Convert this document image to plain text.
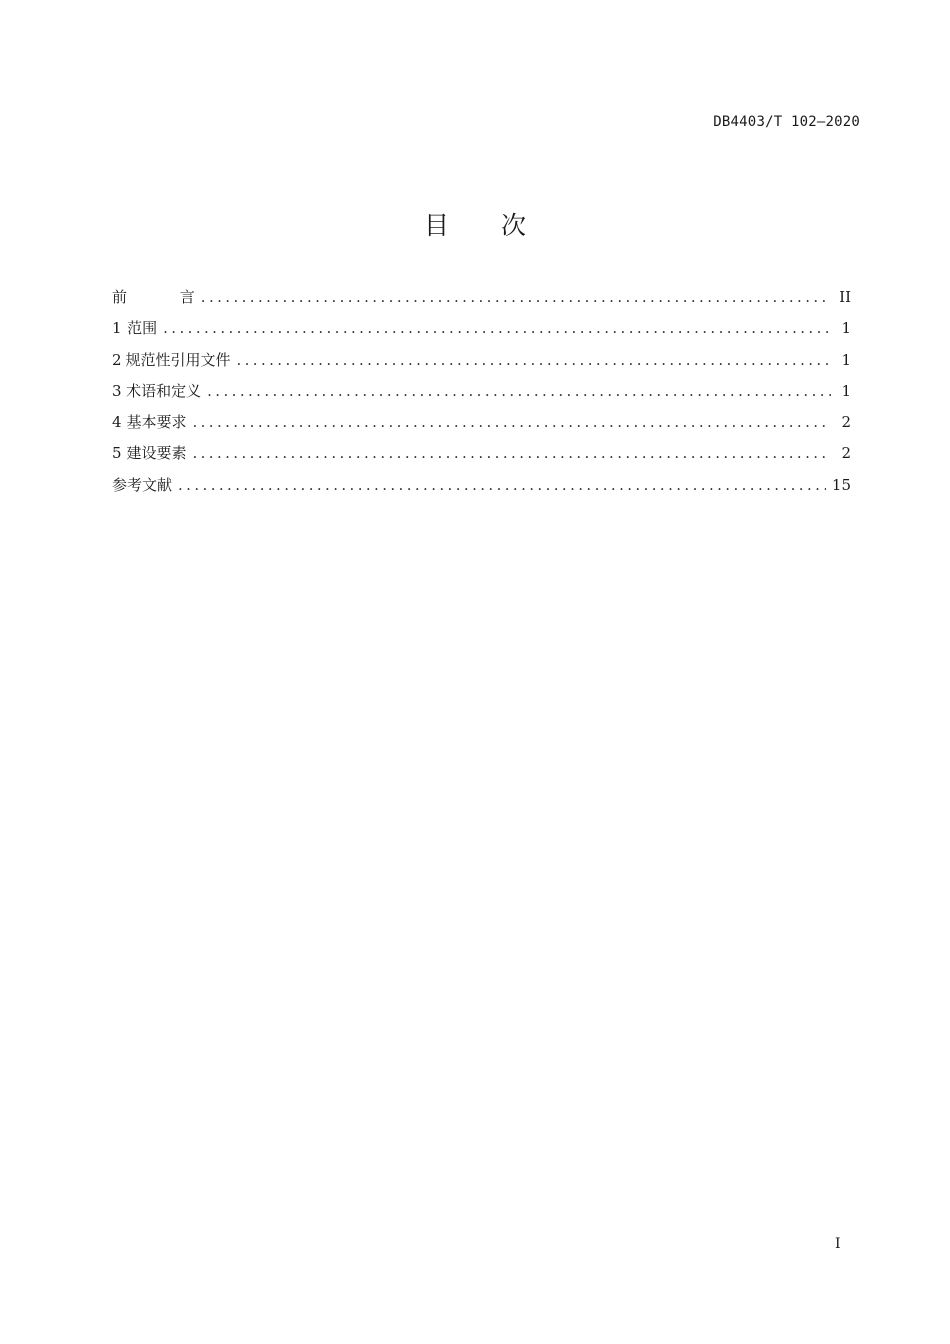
DB4403/T 102—2020
目 次
前 言 .....	II
1 范围 .....	1
2 规范性引用文件 .....	1
3 术语和定义 .....	1
4 基本要求 .....	2
5 建设要素 .....	2
参考文献 .....	15
I
